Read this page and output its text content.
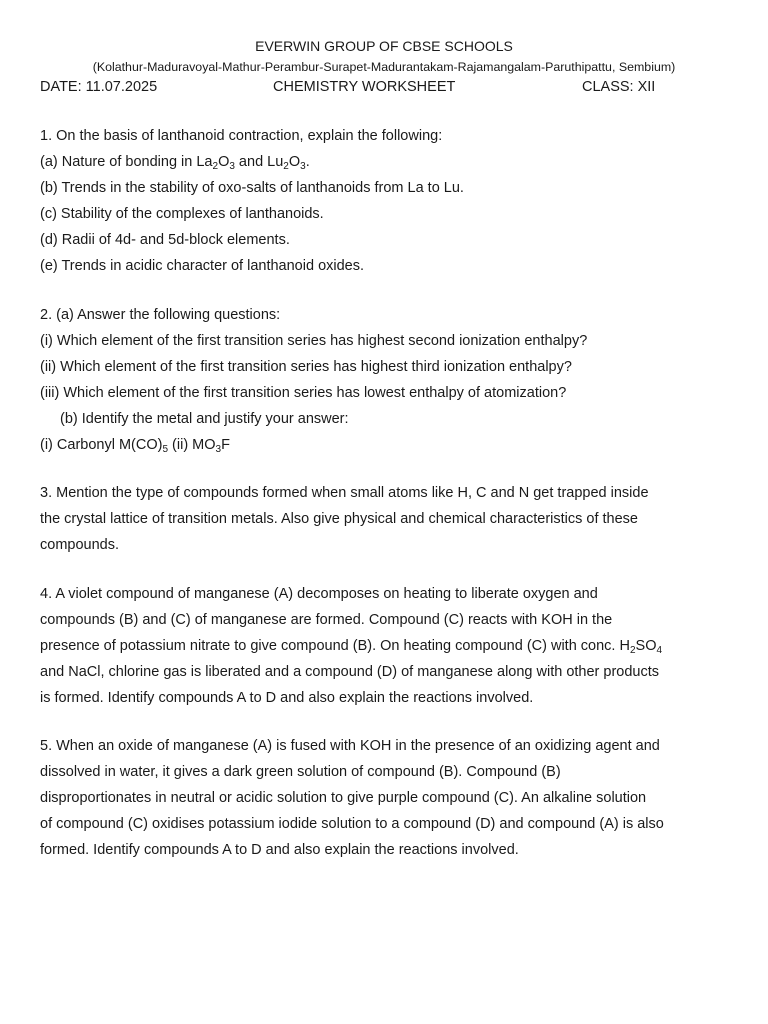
EVERWIN GROUP OF CBSE SCHOOLS
(Kolathur-Maduravoyal-Mathur-Perambur-Surapet-Madurantakam-Rajamangalam-Paruthipattu, Sembium)
DATE: 11.07.2025	CHEMISTRY WORKSHEET	CLASS: XII
1. On the basis of lanthanoid contraction, explain the following:
(a) Nature of bonding in $La_2O_3$ and $Lu_2O_3$.
(b) Trends in the stability of oxo-salts of lanthanoids from La to Lu.
(c) Stability of the complexes of lanthanoids.
(d) Radii of 4d- and 5d-block elements.
(e) Trends in acidic character of lanthanoid oxides.
2. (a) Answer the following questions:
(i) Which element of the first transition series has highest second ionization enthalpy?
(ii) Which element of the first transition series has highest third ionization enthalpy?
(iii) Which element of the first transition series has lowest enthalpy of atomization?
(b) Identify the metal and justify your answer:
(i) Carbonyl $M(CO)_5$ (ii) $MO_3F$
3. Mention the type of compounds formed when small atoms like H, C and N get trapped inside
the crystal lattice of transition metals. Also give physical and chemical characteristics of these
compounds.
4. A violet compound of manganese (A) decomposes on heating to liberate oxygen and
compounds (B) and (C) of manganese are formed. Compound (C) reacts with KOH in the
presence of potassium nitrate to give compound (B). On heating compound (C) with conc. $H_2SO_4$
and NaCl, chlorine gas is liberated and a compound (D) of manganese along with other products
is formed. Identify compounds A to D and also explain the reactions involved.
5. When an oxide of manganese (A) is fused with KOH in the presence of an oxidizing agent and
dissolved in water, it gives a dark green solution of compound (B). Compound (B)
disproportionates in neutral or acidic solution to give purple compound (C). An alkaline solution
of compound (C) oxidises potassium iodide solution to a compound (D) and compound (A) is also
formed. Identify compounds A to D and also explain the reactions involved.
